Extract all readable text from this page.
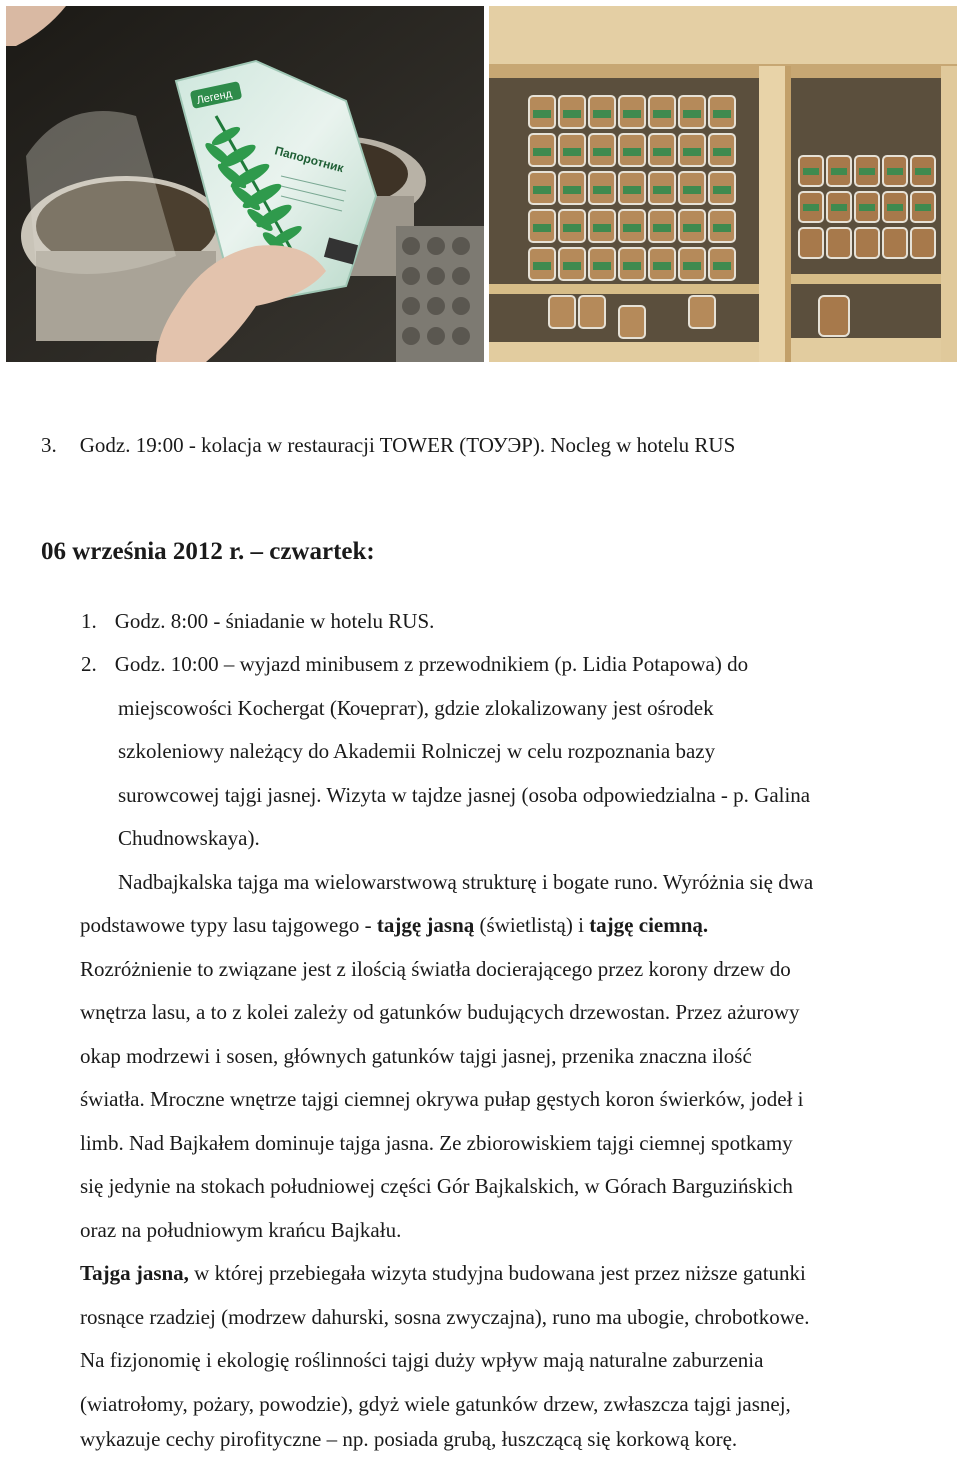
Легенд
Папоротник
3. Godz. 19:00 - kolacja w restauracji TOWER (ТОУЭР). Nocleg w hotelu RUS
06 września 2012 r. – czwartek:
1. Godz. 8:00 - śniadanie w hotelu RUS.
2. Godz. 10:00 – wyjazd minibusem z przewodnikiem (p. Lidia Potapowa) do
miejscowości Kochergat (Кочергат), gdzie zlokalizowany jest ośrodek
szkoleniowy należący do Akademii Rolniczej w celu rozpoznania bazy
surowcowej tajgi jasnej. Wizyta w tajdze jasnej (osoba odpowiedzialna - p. Galina
Chudnowskaya).
Nadbajkalska tajga ma wielowarstwową strukturę i bogate runo. Wyróżnia się dwa
podstawowe typy lasu tajgowego - tajgę jasną (świetlistą) i tajgę ciemną.
Rozróżnienie to związane jest z ilością światła docierającego przez korony drzew do
wnętrza lasu, a to z kolei zależy od gatunków budujących drzewostan. Przez ażurowy
okap modrzewi i sosen, głównych gatunków tajgi jasnej, przenika znaczna ilość
światła. Mroczne wnętrze tajgi ciemnej okrywa pułap gęstych koron świerków, jodeł i
limb. Nad Bajkałem dominuje tajga jasna. Ze zbiorowiskiem tajgi ciemnej spotkamy
się jedynie na stokach południowej części Gór Bajkalskich, w Górach Barguzińskich
oraz na południowym krańcu Bajkału.
Tajga jasna, w której przebiegała wizyta studyjna budowana jest przez niższe gatunki
rosnące rzadziej (modrzew dahurski, sosna zwyczajna), runo ma ubogie, chrobotkowe.
Na fizjonomię i ekologię roślinności tajgi duży wpływ mają naturalne zaburzenia
(wiatrołomy, pożary, powodzie), gdyż wiele gatunków drzew, zwłaszcza tajgi jasnej,
wykazuje cechy pirofityczne – np. posiada grubą, łuszczącą się korkową korę.
